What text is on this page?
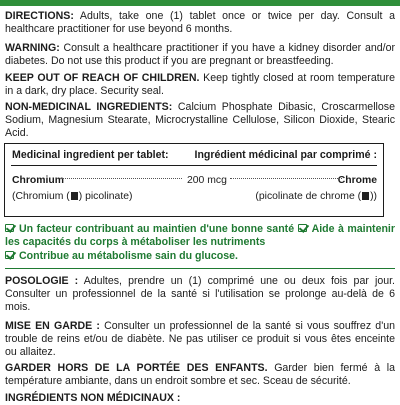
DIRECTIONS: Adults, take one (1) tablet once or twice per day. Consult a healthcare practitioner for use beyond 6 months.

WARNING: Consult a healthcare practitioner if you have a kidney disorder and/or diabetes. Do not use this product if you are pregnant or breastfeeding.

KEEP OUT OF REACH OF CHILDREN. Keep tightly closed at room temperature in a dark, dry place. Security seal.

NON-MEDICINAL INGREDIENTS: Calcium Phosphate Dibasic, Croscarmellose Sodium, Magnesium Stearate, Microcrystalline Cellulose, Silicon Dioxide, Stearic Acid.

Medicinal ingredient per tablet: Ingrédient médicinal par comprimé :
Chromium	200 mcg	Chrome
(Chromium ( ) picolinate)	(picolinate de chrome ( ))
Un facteur contribuant au maintien d'une bonne santé Aide à maintenir les capacités du corps à métaboliser les nutriments
Contribue au métabolisme sain du glucose.

POSOLOGIE : Adultes, prendre un (1) comprimé une ou deux fois par jour. Consulter un professionnel de la santé si l'utilisation se prolonge au-delà de 6 mois.

MISE EN GARDE : Consulter un professionnel de la santé si vous souffrez d'un trouble de reins et/ou de diabète. Ne pas utiliser ce produit si vous êtes enceinte ou allaitez.

GARDER HORS DE LA PORTÉE DES ENFANTS. Garder bien fermé à la température ambiante, dans un endroit sombre et sec. Sceau de sécurité.

INGRÉDIENTS NON MÉDICINAUX :
